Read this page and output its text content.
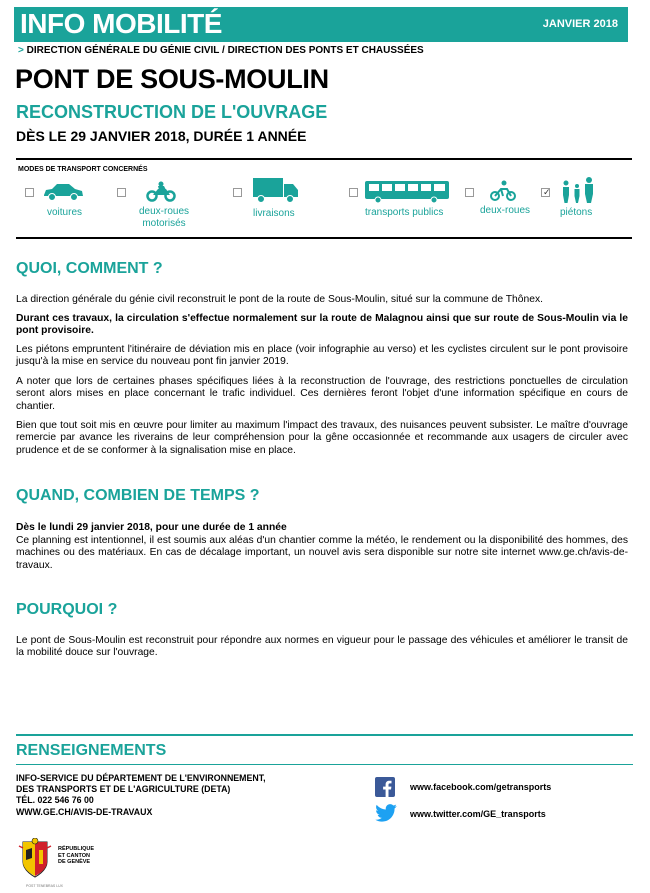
INFO MOBILITÉ	JANVIER 2018
> DIRECTION GÉNÉRALE DU GÉNIE CIVIL / DIRECTION DES PONTS ET CHAUSSÉES
PONT DE SOUS-MOULIN
RECONSTRUCTION DE L'OUVRAGE
DÈS LE 29 JANVIER 2018, DURÉE 1 ANNÉE
MODES DE TRANSPORT CONCERNÉS
voitures	deux-roues
motorisés
livraisons	transports publics	deux-roues
✓
piétons
QUOI, COMMENT ?

La direction générale du génie civil reconstruit le pont de la route de Sous-Moulin, situé sur la commune de Thônex.

Durant ces travaux, la circulation s'effectue normalement sur la route de Malagnou ainsi que sur route de Sous-Moulin via le pont provisoire.

Les piétons empruntent l'itinéraire de déviation mis en place (voir infographie au verso) et les cyclistes circulent sur le pont provisoire jusqu'à la mise en service du nouveau pont fin janvier 2019.

A noter que lors de certaines phases spécifiques liées à la reconstruction de l'ouvrage, des restrictions ponctuelles de circulation seront alors mises en place concernant le trafic individuel. Ces dernières feront l'objet d'une information spécifique en cours de chantier.

Bien que tout soit mis en œuvre pour limiter au maximum l'impact des travaux, des nuisances peuvent subsister. Le maître d'ouvrage remercie par avance les riverains de leur compréhension pour la gêne occasionnée et recommande aux usagers de circuler avec prudence et de se conformer à la signalisation mise en place.

QUAND, COMBIEN DE TEMPS ?

Dès le lundi 29 janvier 2018, pour une durée de 1 année

Ce planning est intentionnel, il est soumis aux aléas d'un chantier comme la météo, le rendement ou la disponibilité des hommes, des machines ou des matériaux. En cas de décalage important, un nouvel avis sera disponible sur notre site internet www.ge.ch/avis-de-travaux.

POURQUOI ?

Le pont de Sous-Moulin est reconstruit pour répondre aux normes en vigueur pour le passage des véhicules et améliorer le transit de la mobilité douce sur l'ouvrage.

RENSEIGNEMENTS
INFO-SERVICE DU DÉPARTEMENT DE L'ENVIRONNEMENT,
DES TRANSPORTS ET DE L'AGRICULTURE (DETA)
TÉL. 022 546 76 00
WWW.GE.CH/AVIS-DE-TRAVAUX
www.facebook.com/getransports
www.twitter.com/GE_transports
RÉPUBLIQUE
ET CANTON
DE GENÈVE
POST TENEBRAS LUX
